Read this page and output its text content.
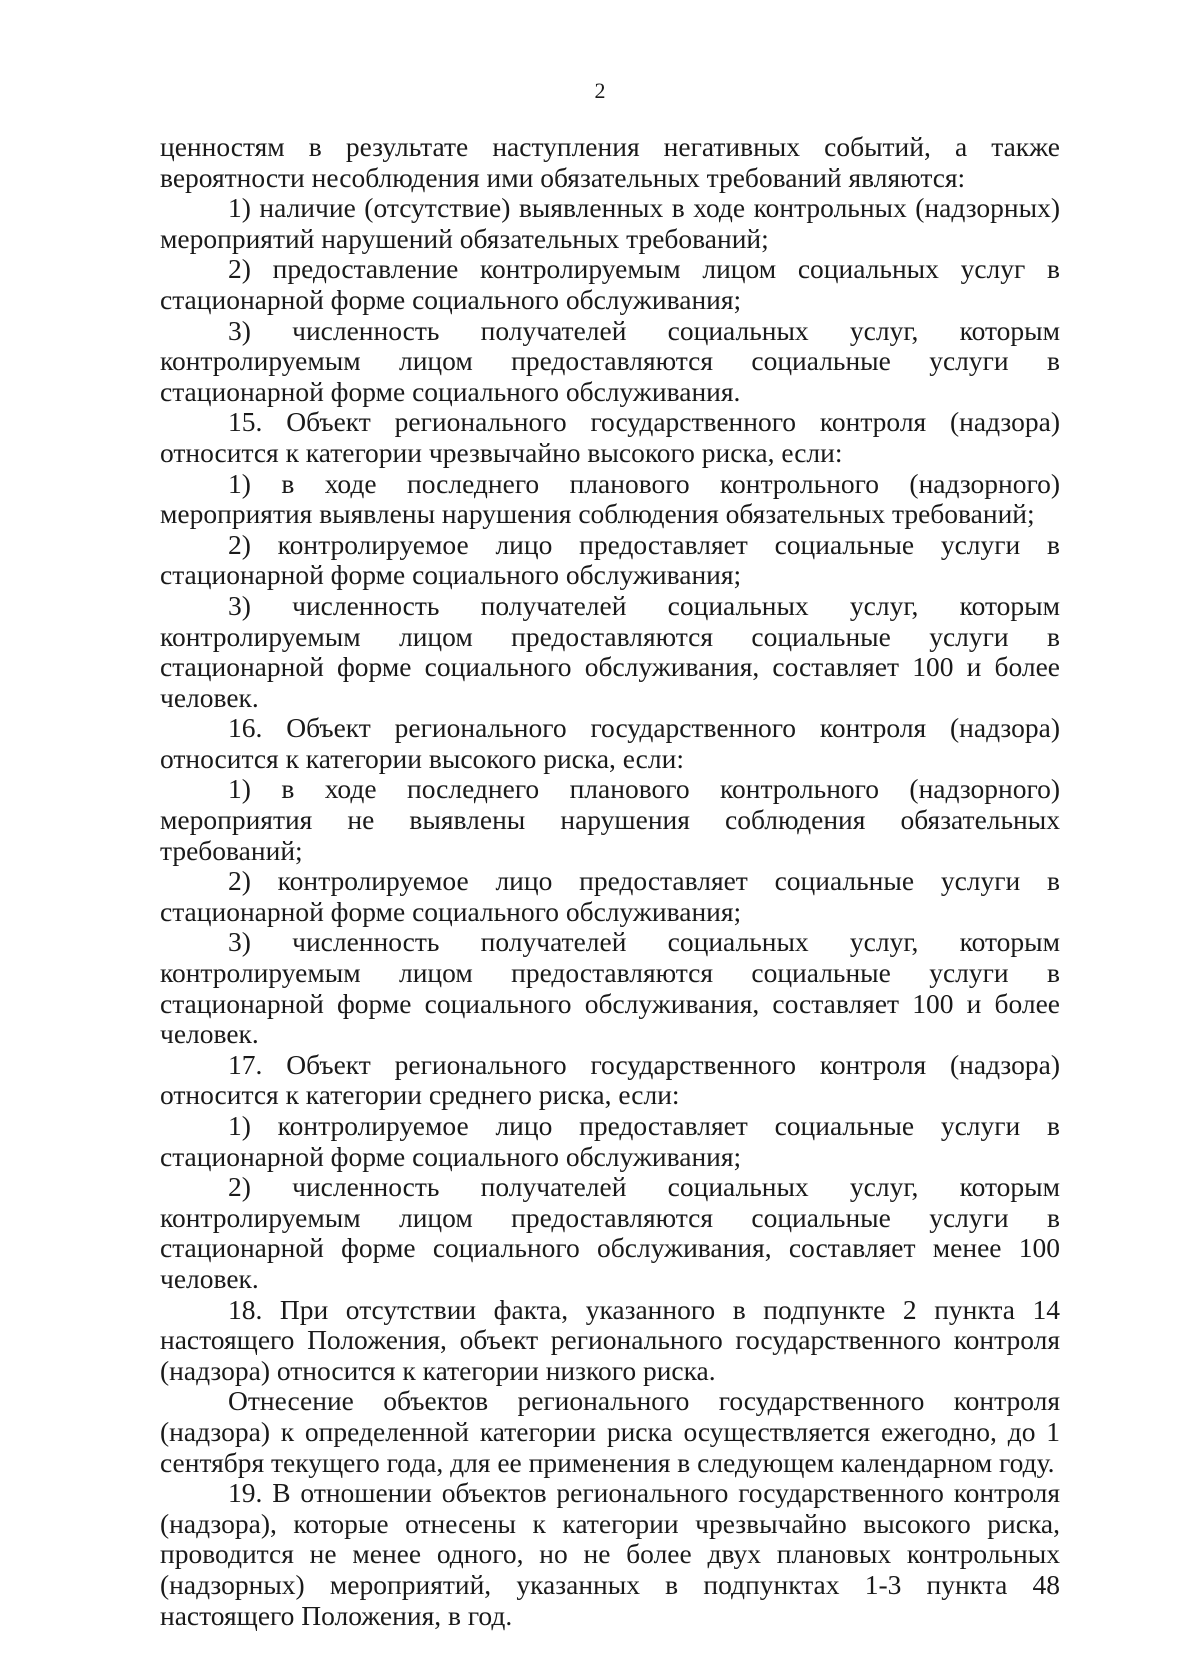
2

ценностям в результате наступления негативных событий, а также вероятности несоблюдения ими обязательных требований являются:

1) наличие (отсутствие) выявленных в ходе контрольных (надзорных) мероприятий нарушений обязательных требований;

2) предоставление контролируемым лицом социальных услуг в стационарной форме социального обслуживания;

3) численность получателей социальных услуг, которым контролируемым лицом предоставляются социальные услуги в стационарной форме социального обслуживания.

15. Объект регионального государственного контроля (надзора) относится к категории чрезвычайно высокого риска, если:

1) в ходе последнего планового контрольного (надзорного) мероприятия выявлены нарушения соблюдения обязательных требований;

2) контролируемое лицо предоставляет социальные услуги в стационарной форме социального обслуживания;

3) численность получателей социальных услуг, которым контролируемым лицом предоставляются социальные услуги в стационарной форме социального обслуживания, составляет 100 и более человек.

16. Объект регионального государственного контроля (надзора) относится к категории высокого риска, если:

1) в ходе последнего планового контрольного (надзорного) мероприятия не выявлены нарушения соблюдения обязательных требований;

2) контролируемое лицо предоставляет социальные услуги в стационарной форме социального обслуживания;

3) численность получателей социальных услуг, которым контролируемым лицом предоставляются социальные услуги в стационарной форме социального обслуживания, составляет 100 и более человек.

17. Объект регионального государственного контроля (надзора) относится к категории среднего риска, если:

1) контролируемое лицо предоставляет социальные услуги в стационарной форме социального обслуживания;

2) численность получателей социальных услуг, которым контролируемым лицом предоставляются социальные услуги в стационарной форме социального обслуживания, составляет менее 100 человек.

18. При отсутствии факта, указанного в подпункте 2 пункта 14 настоящего Положения, объект регионального государственного контроля (надзора) относится к категории низкого риска.

Отнесение объектов регионального государственного контроля (надзора) к определенной категории риска осуществляется ежегодно, до 1 сентября текущего года, для ее применения в следующем календарном году.

19. В отношении объектов регионального государственного контроля (надзора), которые отнесены к категории чрезвычайно высокого риска, проводится не менее одного, но не более двух плановых контрольных (надзорных) мероприятий, указанных в подпунктах 1-3 пункта 48 настоящего Положения, в год.
